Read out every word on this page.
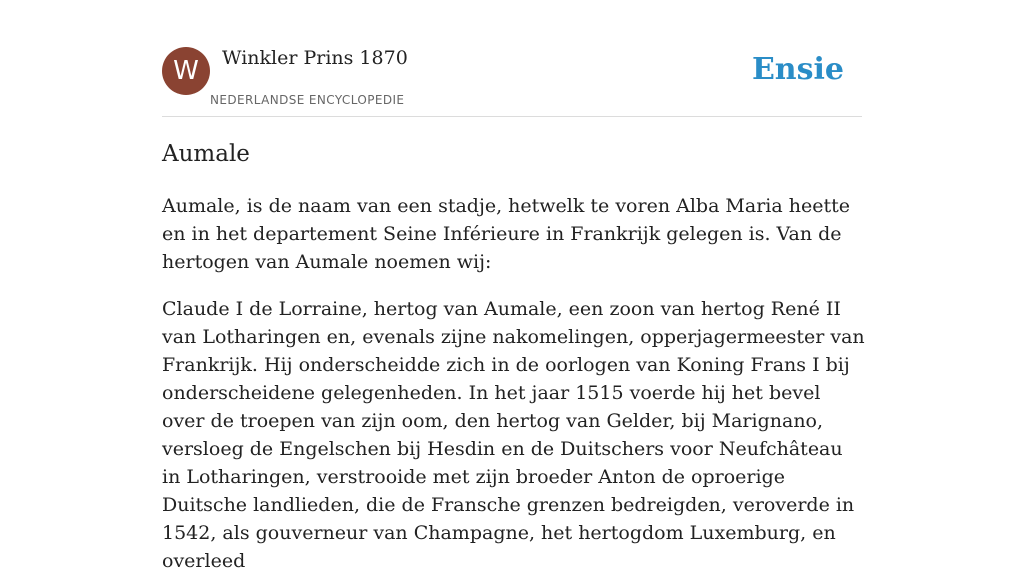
W	Winkler Prins 1870
NEDERLANDSE ENCYCLOPEDIE
Ensie
Aumale

Aumale, is de naam van een stadje, hetwelk te voren Alba Maria heette en in het departement Seine Inférieure in Frankrijk gelegen is. Van de hertogen van Aumale noemen wij:

Claude I de Lorraine, hertog van Aumale, een zoon van hertog René II van Lotharingen en, evenals zijne nakomelingen, opperjagermeester van Frankrijk. Hij onderscheidde zich in de oorlogen van Koning Frans I bij onderscheidene gelegenheden. In het jaar 1515 voerde hij het bevel over de troepen van zijn oom, den hertog van Gelder, bij Marignano, versloeg de Engelschen bij Hesdin en de Duitschers voor Neufchâteau in Lotharingen, verstrooide met zijn broeder Anton de oproerige Duitsche landlieden, die de Fransche grenzen bedreigden, veroverde in 1542, als gouverneur van Champagne, het hertogdom Luxemburg, en overleed
